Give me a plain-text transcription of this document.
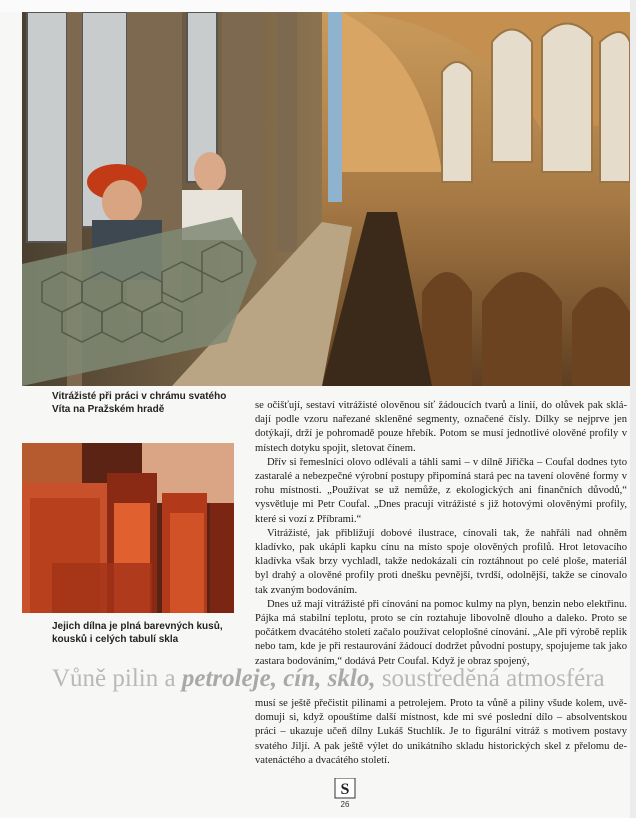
Vitrážisté při práci v chrámu svatého Víta na Pražském hradě
Jejich dílna je plná barevných kusů, kousků i celých tabulí skla

se očišťují, sestaví vitrážisté olověnou síť žádoucích tvarů a linií, do olůvek pak skládají podle vzoru nařezané skleněné segmenty, označené čísly. Dílky se nejprve jen dotýkají, drží je pohromadě pouze hřebík. Potom se musí jednotlivé olověné profily v místech dotyku spojit, sletovat čínem.

Dřív si řemeslníci olovo odlévali a táhli sami – v dílně Jiřička – Coufal dodnes tyto zastaralé a nebezpečné výrobní postupy připomíná stará pec na tavení olověné formy v rohu místnosti. „Používat se už nemůže, z ekologických ani finančních důvodů,“ vysvětluje mi Petr Coufal. „Dnes pracují vitrážisté s již hotovými olověnými profily, které si vozí z Příbrami.“

Vitrážisté, jak přibližují dobové ilustrace, cínovali tak, že nahřáli nad ohněm kladívko, pak ukápli kapku cínu na místo spoje olověných profilů. Hrot letovacího kladívka však brzy vychladl, takže nedokázali cín roztáhnout po celé ploše, materiál byl drahý a olověné profily proti dnešku pevnější, tvrdší, odolnější, takže se cínovalo tak zvaným bodováním.

Dnes už mají vitrážisté při cínování na pomoc kulmy na plyn, benzin nebo elektřinu. Pájka má stabilní teplotu, proto se cín roztahuje libovolně dlouho a daleko. Proto se počátkem dvacátého století začalo používat celoplošné cínování. „Ale při výrobě replik nebo tam, kde je při restaurování žádoucí dodržet původní postupy, spojujeme tak jako zastara bodováním,“ dodává Petr Coufal. Když je obraz spojený,

Vůně pilin a petroleje, cín, sklo, soustředěná atmosféra

musí se ještě přečistit pilinami a petrolejem. Proto ta vůně a piliny všude kolem, uvědomuji si, když opouštíme další místnost, kde mi své poslední dílo – absolventskou práci – ukazuje učeň dílny Lukáš Stuchlík. Je to figurální vitráž s motivem postavy svatého Jiljí. A pak ještě výlet do unikátního skladu historických skel z přelomu devatenáctého a dvacátého století.

S
26
